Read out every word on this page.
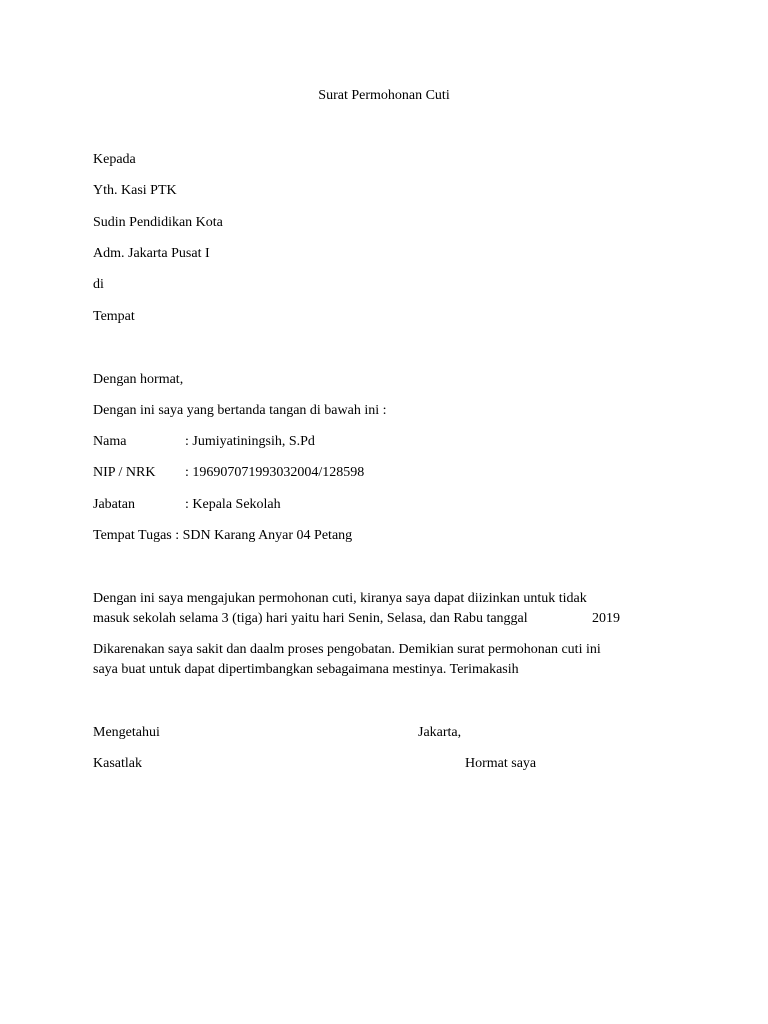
Surat Permohonan Cuti
Kepada
Yth. Kasi PTK
Sudin Pendidikan Kota
Adm. Jakarta Pusat I
di
Tempat
Dengan hormat,
Dengan ini saya yang bertanda tangan di bawah ini :
Nama	: Jumiyatiningsih, S.Pd
NIP / NRK : 196907071993032004/128598
Jabatan	: Kepala Sekolah
Tempat Tugas : SDN Karang Anyar 04 Petang
Dengan ini saya mengajukan permohonan cuti, kiranya saya dapat diizinkan untuk tidak
masuk sekolah selama 3 (tiga) hari yaitu hari Senin, Selasa, dan Rabu tanggal	2019
Dikarenakan saya sakit dan daalm proses pengobatan. Demikian surat permohonan cuti ini
saya buat untuk dapat dipertimbangkan sebagaimana mestinya. Terimakasih
Mengetahui	Jakarta,
Kasatlak	Hormat saya
